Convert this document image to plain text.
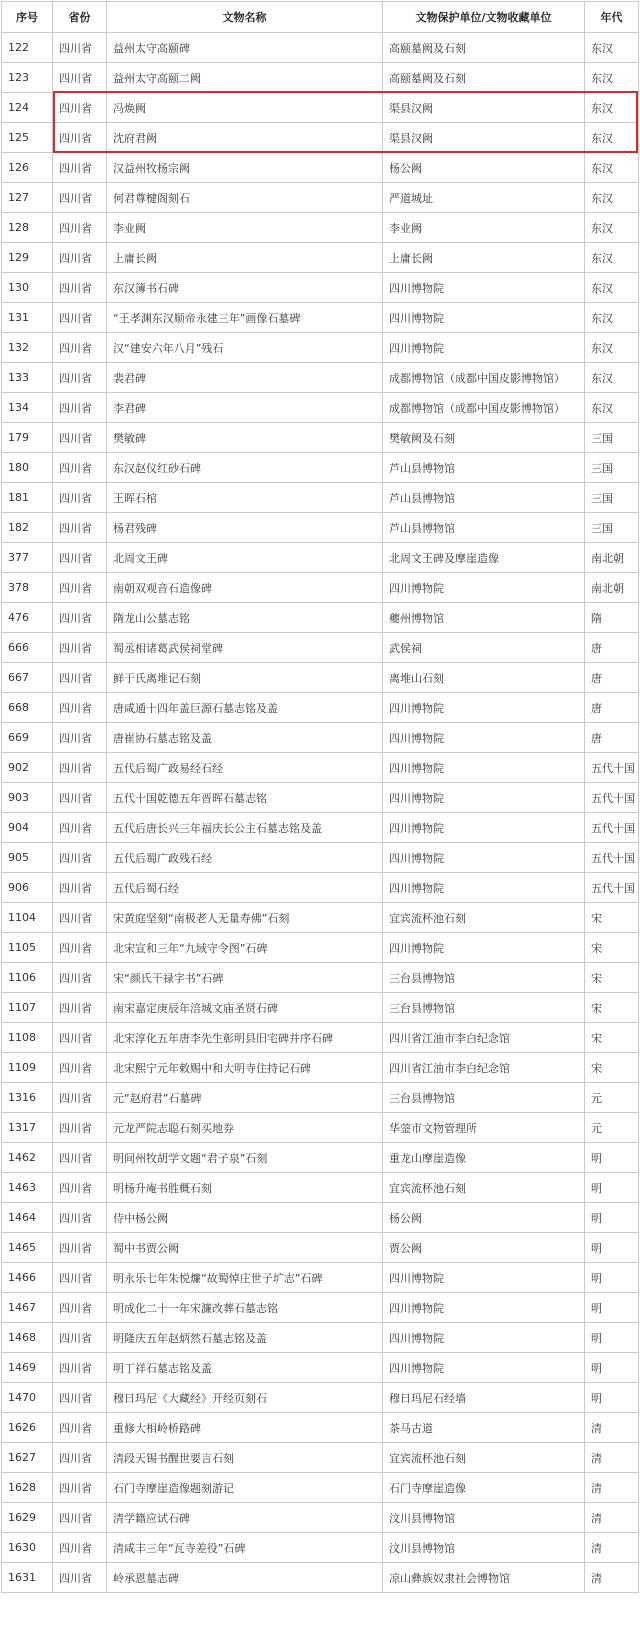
序号	省份	文物名称	文物保护单位/文物收藏单位	年代
122	四川省	益州太守高颐碑	高颐墓阙及石刻	东汉
123	四川省	益州太守高颐二阙	高颐墓阙及石刻	东汉
124	四川省	冯焕阙	渠县汉阙	东汉
125	四川省	沈府君阙	渠县汉阙	东汉
126	四川省	汉益州牧杨宗阙	杨公阙	东汉
127	四川省	何君尊楗阁刻石	严道城址	东汉
128	四川省	李业阙	李业阙	东汉
129	四川省	上庸长阙	上庸长阙	东汉
130	四川省	东汉簿书石碑	四川博物院	东汉
131	四川省	“王孝渊东汉顺帝永建三年”画像石墓碑	四川博物院	东汉
132	四川省	汉“建安六年八月”残石	四川博物院	东汉
133	四川省	裴君碑	成都博物馆（成都中国皮影博物馆）	东汉
134	四川省	李君碑	成都博物馆（成都中国皮影博物馆）	东汉
179	四川省	樊敏碑	樊敏阙及石刻	三国
180	四川省	东汉赵仪红砂石碑	芦山县博物馆	三国
181	四川省	王晖石棺	芦山县博物馆	三国
182	四川省	杨君残碑	芦山县博物馆	三国
377	四川省	北周文王碑	北周文王碑及摩崖造像	南北朝
378	四川省	南朝双观音石造像碑	四川博物院	南北朝
476	四川省	隋龙山公墓志铭	夔州博物馆	隋
666	四川省	蜀丞相诸葛武侯祠堂碑	武侯祠	唐
667	四川省	鲜于氏离堆记石刻	离堆山石刻	唐
668	四川省	唐咸通十四年盖巨源石墓志铭及盖	四川博物院	唐
669	四川省	唐崔协石墓志铭及盖	四川博物院	唐
902	四川省	五代后蜀广政易经石经	四川博物院	五代十国
903	四川省	五代十国乾德五年晋晖石墓志铭	四川博物院	五代十国
904	四川省	五代后唐长兴三年福庆长公主石墓志铭及盖	四川博物院	五代十国
905	四川省	五代后蜀广政残石经	四川博物院	五代十国
906	四川省	五代后蜀石经	四川博物院	五代十国
1104	四川省	宋黄庭坚刻“南极老人无量寿佛”石刻	宜宾流杯池石刻	宋
1105	四川省	北宋宣和三年“九域守令图”石碑	四川博物院	宋
1106	四川省	宋“颜氏干禄字书”石碑	三台县博物馆	宋
1107	四川省	南宋嘉定庚辰年涪城文庙圣贤石碑	三台县博物馆	宋
1108	四川省	北宋淳化五年唐李先生彰明县旧宅碑并序石碑	四川省江油市李白纪念馆	宋
1109	四川省	北宋熙宁元年敕赐中和大明寺住持记石碑	四川省江油市李白纪念馆	宋
1316	四川省	元“赵府君”石墓碑	三台县博物馆	元
1317	四川省	元龙严院志聪石刻买地券	华蓥市文物管理所	元
1462	四川省	明间州牧胡学文题“君子泉”石刻	重龙山摩崖造像	明
1463	四川省	明杨升庵书胜概石刻	宜宾流杯池石刻	明
1464	四川省	侍中杨公阙	杨公阙	明
1465	四川省	蜀中书贾公阙	贾公阙	明
1466	四川省	明永乐七年朱悦燫“故蜀悼庄世子圹志”石碑	四川博物院	明
1467	四川省	明成化二十一年宋濂改葬石墓志铭	四川博物院	明
1468	四川省	明隆庆五年赵炳然石墓志铭及盖	四川博物院	明
1469	四川省	明丁祥石墓志铭及盖	四川博物院	明
1470	四川省	穆日玛尼《大藏经》开经页刻石	穆日玛尼石经墙	明
1626	四川省	重修大相岭桥路碑	茶马古道	清
1627	四川省	清段天锡书醒世要言石刻	宜宾流杯池石刻	清
1628	四川省	石门寺摩崖造像题刻游记	石门寺摩崖造像	清
1629	四川省	清学籍应试石碑	汶川县博物馆	清
1630	四川省	清咸丰三年“瓦寺差役”石碑	汶川县博物馆	清
1631	四川省	岭承恩墓志碑	凉山彝族奴隶社会博物馆	清
